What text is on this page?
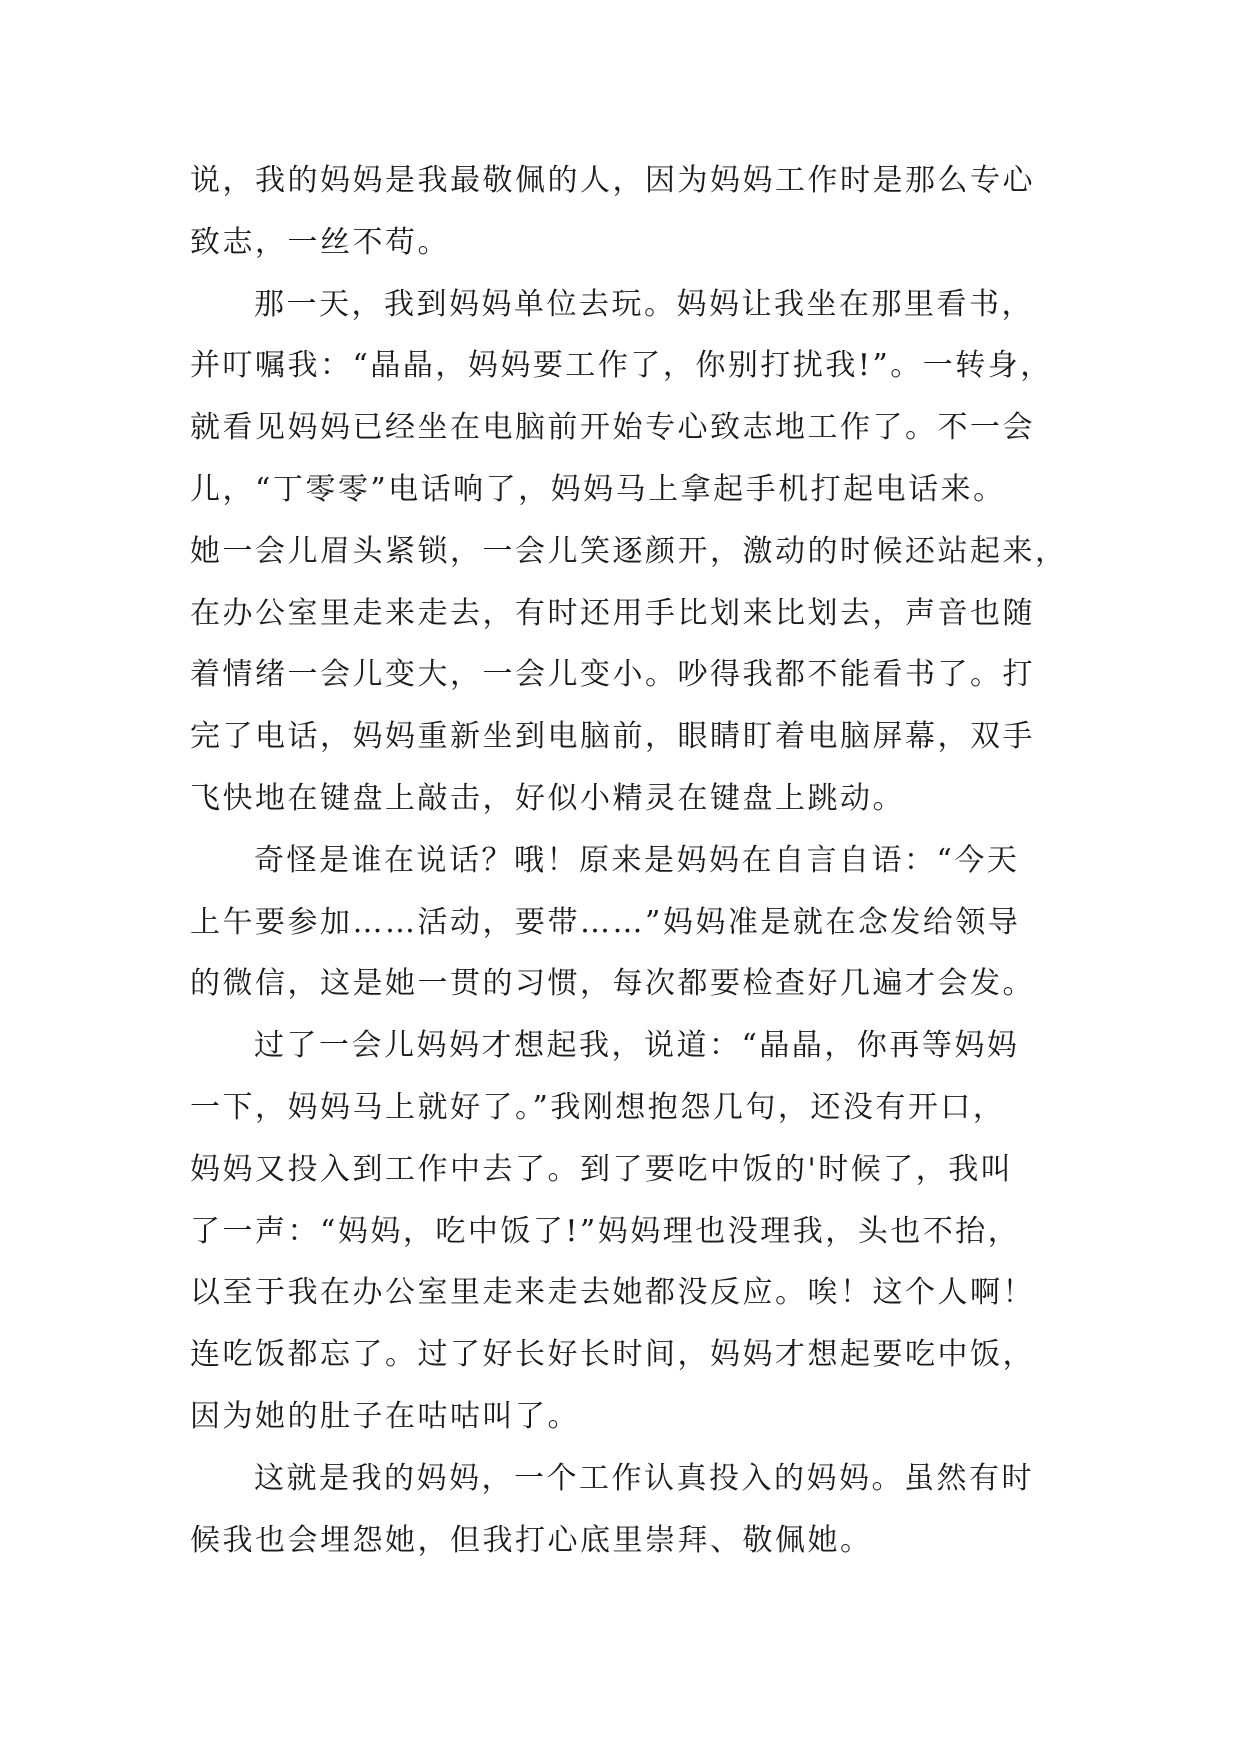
说，我的妈妈是我最敬佩的人，因为妈妈工作时是那么专心
致志，一丝不苟。
那一天，我到妈妈单位去玩。妈妈让我坐在那里看书，
并叮嘱我：“晶晶，妈妈要工作了，你别打扰我!”。一转身，
就看见妈妈已经坐在电脑前开始专心致志地工作了。不一会
儿，“丁零零”电话响了，妈妈马上拿起手机打起电话来。
她一会儿眉头紧锁，一会儿笑逐颜开，激动的时候还站起来，
在办公室里走来走去，有时还用手比划来比划去，声音也随
着情绪一会儿变大，一会儿变小。吵得我都不能看书了。打
完了电话，妈妈重新坐到电脑前，眼睛盯着电脑屏幕，双手
飞快地在键盘上敲击，好似小精灵在键盘上跳动。
奇怪是谁在说话？哦！原来是妈妈在自言自语：“今天
上午要参加……活动，要带……”妈妈准是就在念发给领导
的微信，这是她一贯的习惯，每次都要检查好几遍才会发。
过了一会儿妈妈才想起我，说道：“晶晶，你再等妈妈
一下，妈妈马上就好了。”我刚想抱怨几句，还没有开口，
妈妈又投入到工作中去了。到了要吃中饭的'时候了，我叫
了一声：“妈妈，吃中饭了!”妈妈理也没理我，头也不抬，
以至于我在办公室里走来走去她都没反应。唉！这个人啊！
连吃饭都忘了。过了好长好长时间，妈妈才想起要吃中饭，
因为她的肚子在咕咕叫了。
这就是我的妈妈，一个工作认真投入的妈妈。虽然有时
候我也会埋怨她，但我打心底里崇拜、敬佩她。
